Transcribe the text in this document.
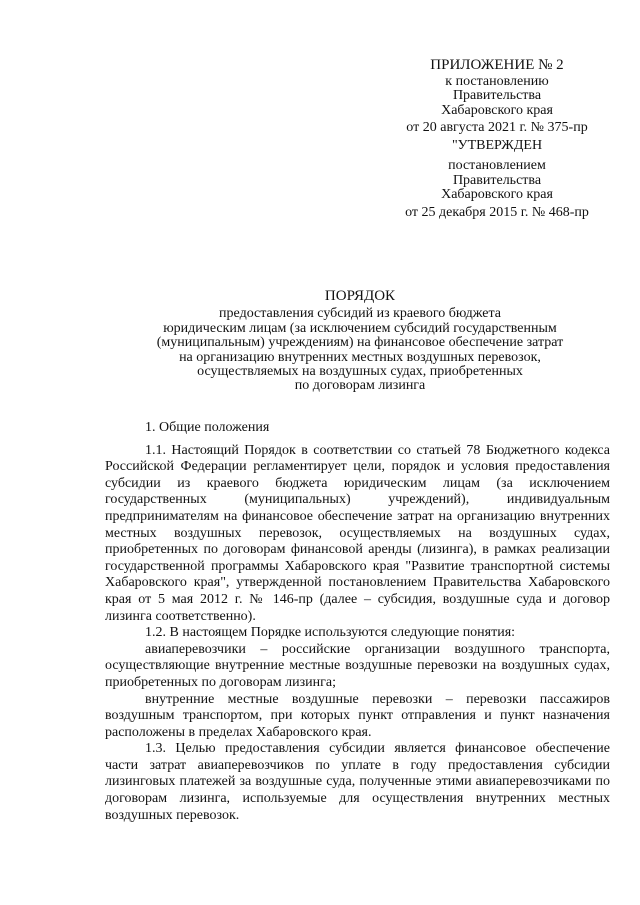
ПРИЛОЖЕНИЕ № 2
к постановлению
Правительства
Хабаровского края
от 20 августа 2021 г. № 375-пр
"УТВЕРЖДЕН
постановлением
Правительства
Хабаровского края
от 25 декабря 2015 г. № 468-пр
ПОРЯДОК
предоставления субсидий из краевого бюджета
юридическим лицам (за исключением субсидий государственным
(муниципальным) учреждениям) на финансовое обеспечение затрат
на организацию внутренних местных воздушных перевозок,
осуществляемых на воздушных судах, приобретенных
по договорам лизинга

1. Общие положения

1.1. Настоящий Порядок в соответствии со статьей 78 Бюджетного кодекса Российской Федерации регламентирует цели, порядок и условия предоставления субсидии из краевого бюджета юридическим лицам (за исключением государственных (муниципальных) учреждений), индивидуальным предпринимателям на финансовое обеспечение затрат на организацию внутренних местных воздушных перевозок, осуществляемых на воздушных судах, приобретенных по договорам финансовой аренды (лизинга), в рамках реализации государственной программы Хабаровского края "Развитие транспортной системы Хабаровского края", утвержденной постановлением Правительства Хабаровского края от 5 мая 2012 г. № 146-пр (далее – субсидия, воздушные суда и договор лизинга соответственно).

1.2. В настоящем Порядке используются следующие понятия:

авиаперевозчики – российские организации воздушного транспорта, осуществляющие внутренние местные воздушные перевозки на воздушных судах, приобретенных по договорам лизинга;

внутренние местные воздушные перевозки – перевозки пассажиров воздушным транспортом, при которых пункт отправления и пункт назначения расположены в пределах Хабаровского края.

1.3. Целью предоставления субсидии является финансовое обеспечение части затрат авиаперевозчиков по уплате в году предоставления субсидии лизинговых платежей за воздушные суда, полученные этими авиаперевозчиками по договорам лизинга, используемые для осуществления внутренних местных воздушных перевозок.
